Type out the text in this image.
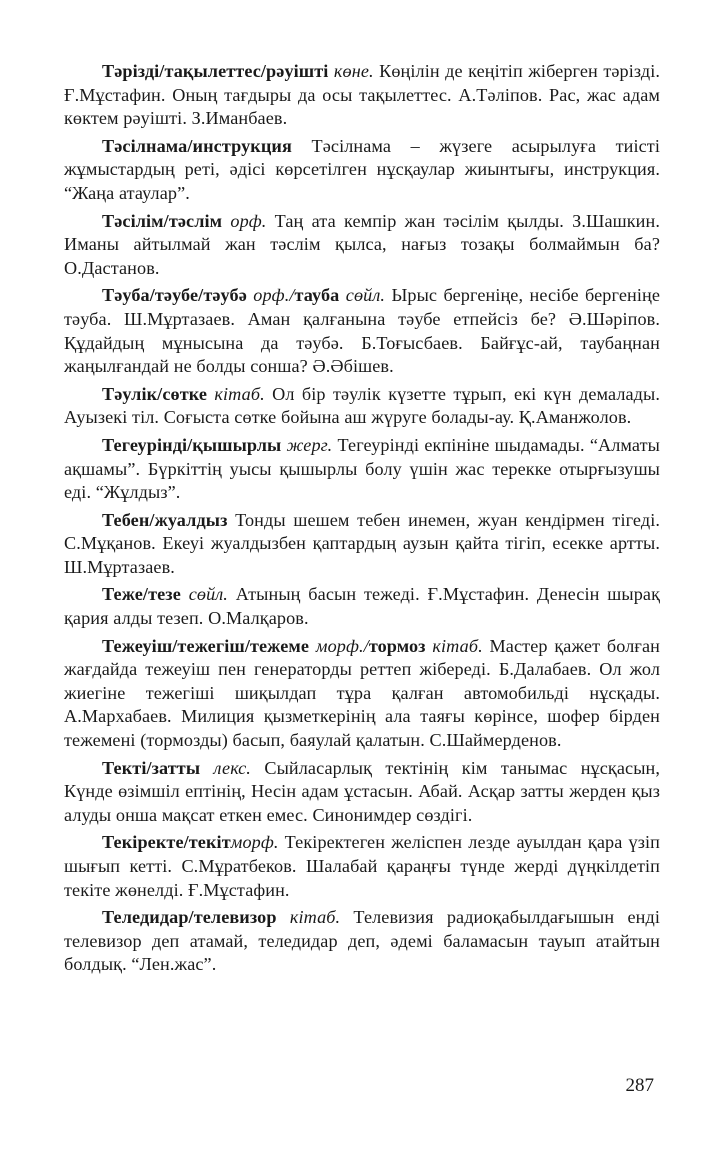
Тәрізді/тақылеттес/рәуішті көне. Көңілін де кеңітіп жіберген тәрізді. Ғ.Мұстафин. Оның тағдыры да осы тақылеттес. А.Тәліпов. Рас, жас адам көктем рәуішті. З.Иманбаев.

Тәсілнама/инструкция Тәсілнама – жүзеге асырылуға тиісті жұмыстардың реті, әдісі көрсетілген нұсқаулар жиынтығы, инструкция. “Жаңа атаулар”.

Тәсілім/тәслім орф. Таң ата кемпір жан тәсілім қылды. З.Шашкин. Иманы айтылмай жан тәслім қылса, нағыз тозақы болмаймын ба? О.Дастанов.

Тәуба/тәубе/тәубә орф./тауба сөйл. Ырыс бергеніңе, несібе бергеніңе тәуба. Ш.Мұртазаев. Аман қалғанына тәубе етпейсіз бе? Ә.Шәріпов. Құдайдың мұнысына да тәубә. Б.Тоғысбаев. Байғұс-ай, таубаңнан жаңылғандай не болды сонша? Ә.Әбішев.

Тәулік/сөтке кітаб. Ол бір тәулік күзетте тұрып, екі күн демалады. Ауызекі тіл. Соғыста сөтке бойына аш жүруге болады-ау. Қ.Аманжолов.

Тегеурінді/қышырлы жерг. Тегеурінді екпініне шыдамады. “Алматы ақшамы”. Бүркіттің уысы қышырлы болу үшін жас терекке отырғызушы еді. “Жұлдыз”.

Тебен/жуалдыз Тонды шешем тебен инемен, жуан кендірмен тігеді. С.Мұқанов. Екеуі жуалдызбен қаптардың аузын қайта тігіп, есекке артты. Ш.Мұртазаев.

Теже/тезе сөйл. Атының басын тежеді. Ғ.Мұстафин. Денесін шырақ қария алды тезеп. О.Малқаров.

Тежеуіш/тежегіш/тежеме морф./тормоз кітаб. Мастер қажет болған жағдайда тежеуіш пен генераторды реттеп жібереді. Б.Далабаев. Ол жол жиегіне тежегіші шиқылдап тұра қалған автомобильді нұсқады. А.Мархабаев. Милиция қызметкерінің ала таяғы көрінсе, шофер бірден тежемені (тормозды) басып, баяулай қалатын. С.Шаймерденов.

Тектi/затты лекс. Сыйласарлық тектінің кім танымас нұсқасын, Күнде өзімшіл ептінің, Несін адам ұстасын. Абай. Асқар затты жерден қыз алуды онша мақсат еткен емес. Синонимдер сөздігі.

Текіректе/текітморф. Текіректеген желіспен лезде ауылдан қара үзіп шығып кетті. С.Мұратбеков. Шалабай қараңғы түнде жерді дүңкілдетіп текіте жөнелді. Ғ.Мұстафин.

Теледидар/телевизор кітаб. Телевизия радиоқабылдағышын енді телевизор деп атамай, теледидар деп, әдемі баламасын тауып атайтын болдық. “Лен.жас”.

287
